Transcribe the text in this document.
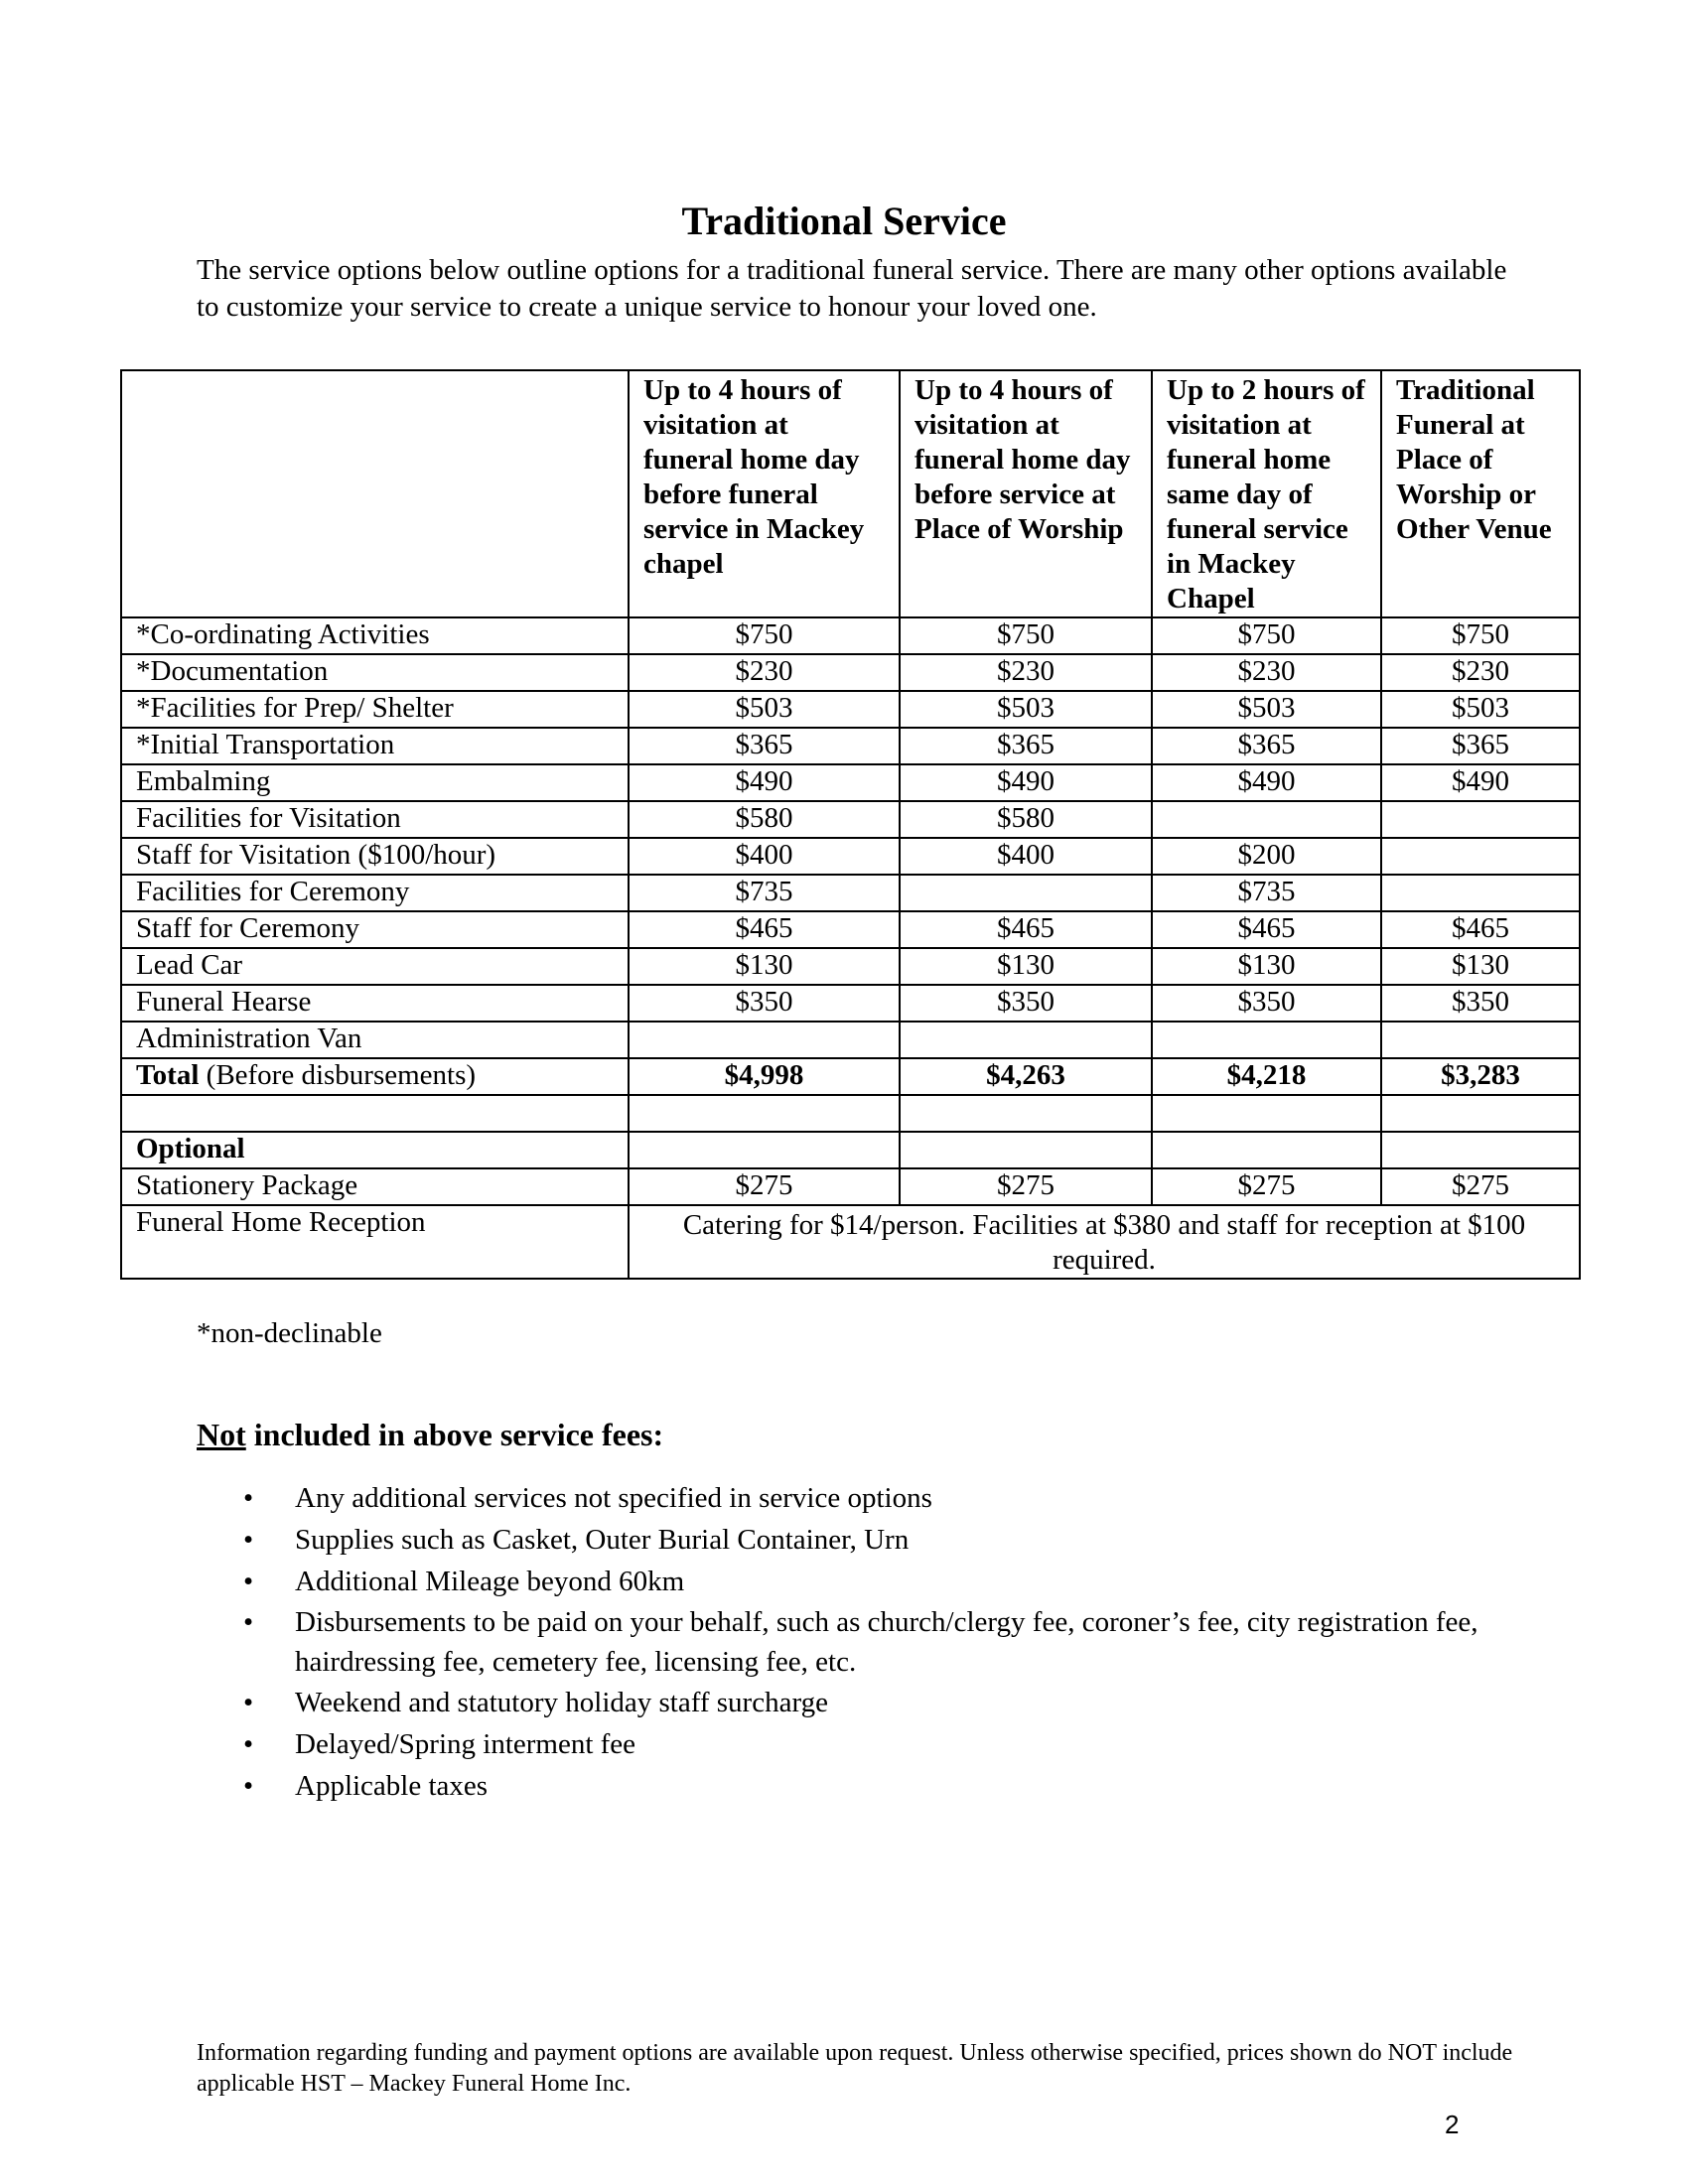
Traditional Service
The service options below outline options for a traditional funeral service. There are many other options available to customize your service to create a unique service to honour your loved one.
	Up to 4 hours of visitation at funeral home day before funeral service in Mackey chapel	Up to 4 hours of visitation at funeral home day before service at Place of Worship	Up to 2 hours of visitation at funeral home same day of funeral service in Mackey Chapel	Traditional Funeral at Place of Worship or Other Venue
*Co-ordinating Activities	$750	$750	$750	$750
*Documentation	$230	$230	$230	$230
*Facilities for Prep/ Shelter	$503	$503	$503	$503
*Initial Transportation	$365	$365	$365	$365
Embalming	$490	$490	$490	$490
Facilities for Visitation	$580	$580		
Staff for Visitation ($100/hour)	$400	$400	$200	
Facilities for Ceremony	$735		$735	
Staff for Ceremony	$465	$465	$465	$465
Lead Car	$130	$130	$130	$130
Funeral Hearse	$350	$350	$350	$350
Administration Van				
Total (Before disbursements)	$4,998	$4,263	$4,218	$3,283

Optional				
Stationery Package	$275	$275	$275	$275
Funeral Home Reception	Catering for $14/person. Facilities at $380 and staff for reception at $100 required.			
*non-declinable
Not included in above service fees:
• Any additional services not specified in service options
• Supplies such as Casket, Outer Burial Container, Urn
• Additional Mileage beyond 60km
• Disbursements to be paid on your behalf, such as church/clergy fee, coroner’s fee, city registration fee, hairdressing fee, cemetery fee, licensing fee, etc.
• Weekend and statutory holiday staff surcharge
• Delayed/Spring interment fee
• Applicable taxes
Information regarding funding and payment options are available upon request. Unless otherwise specified, prices shown do NOT include applicable HST – Mackey Funeral Home Inc.
2
